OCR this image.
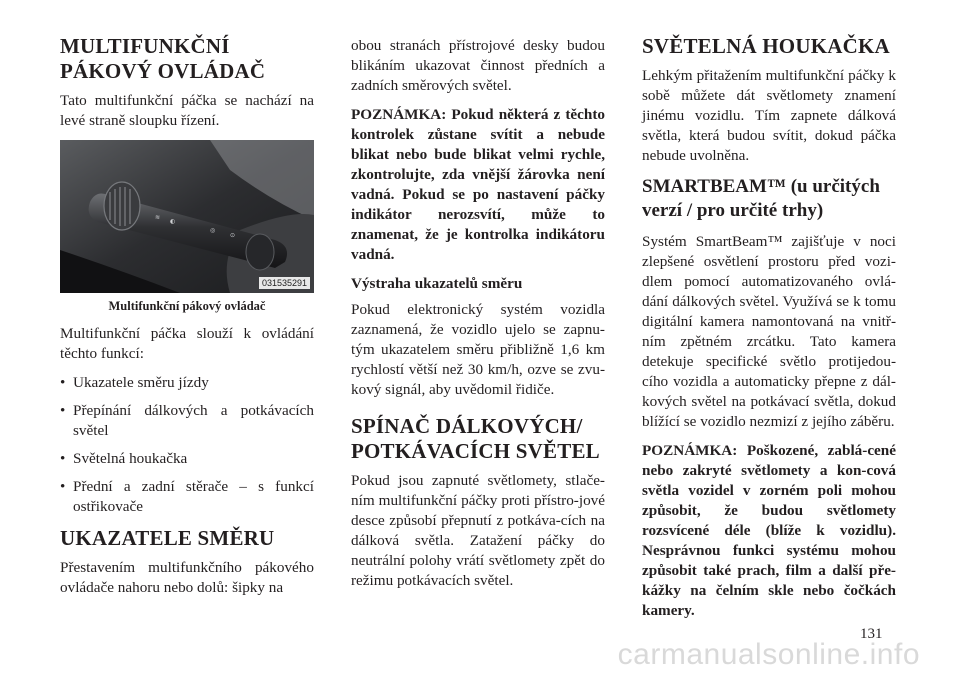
MULTIFUNKČNÍ PÁKOVÝ OVLÁDAČ

Tato multifunkční páčka se nachází na levé straně sloupku řízení.

≋
◐
◎
⊙
031535291
Multifunkční pákový ovládač

Multifunkční páčka slouží k ovládání těchto funkcí:

• Ukazatele směru jízdy
• Přepínání dálkových a potkávacích světel
• Světelná houkačka
• Přední a zadní stěrače – s funkcí ostřikovače
UKAZATELE SMĚRU

Přestavením multifunkčního pákového ovládače nahoru nebo dolů: šipky na

obou stranách přístrojové desky budou blikáním ukazovat činnost předních a zadních směrových světel.

POZNÁMKA: Pokud některá z těchto kontrolek zůstane svítit a nebude blikat nebo bude blikat velmi rychle, zkontrolujte, zda vnější žárovka není vadná. Pokud se po nastavení páčky indikátor nerozsvítí, může to znamenat, že je kontrolka indikátoru vadná.

Výstraha ukazatelů směru

Pokud elektronický systém vozidla zaznamená, že vozidlo ujelo se zapnu-tým ukazatelem směru přibližně 1,6 km rychlostí větší než 30 km/h, ozve se zvu-kový signál, aby uvědomil řidiče.

SPÍNAČ DÁLKOVÝCH/ POTKÁVACÍCH SVĚTEL

Pokud jsou zapnuté světlomety, stlače-ním multifunkční páčky proti přístro-jové desce způsobí přepnutí z potkáva-cích na dálková světla. Zatažení páčky do neutrální polohy vrátí světlomety zpět do režimu potkávacích světel.

SVĚTELNÁ HOUKAČKA

Lehkým přitažením multifunkční páčky k sobě můžete dát světlomety znamení jinému vozidlu. Tím zapnete dálková světla, která budou svítit, dokud páčka nebude uvolněna.

SMARTBEAM™ (u určitých verzí / pro určité trhy)

Systém SmartBeam™ zajišťuje v noci zlepšené osvětlení prostoru před vozi-dlem pomocí automatizovaného ovlá-dání dálkových světel. Využívá se k tomu digitální kamera namontovaná na vnitř-ním zpětném zrcátku. Tato kamera detekuje specifické světlo protijedou-cího vozidla a automaticky přepne z dál-kových světel na potkávací světla, dokud blížící se vozidlo nezmizí z jejího záběru.

POZNÁMKA: Poškozené, zablá-cené nebo zakryté světlomety a kon-cová světla vozidel v zorném poli mohou způsobit, že budou světlomety rozsvícené déle (blíže k vozidlu). Nesprávnou funkci systému mohou způsobit také prach, film a další pře-kážky na čelním skle nebo čočkách kamery.

131
carmanualsonline.info
